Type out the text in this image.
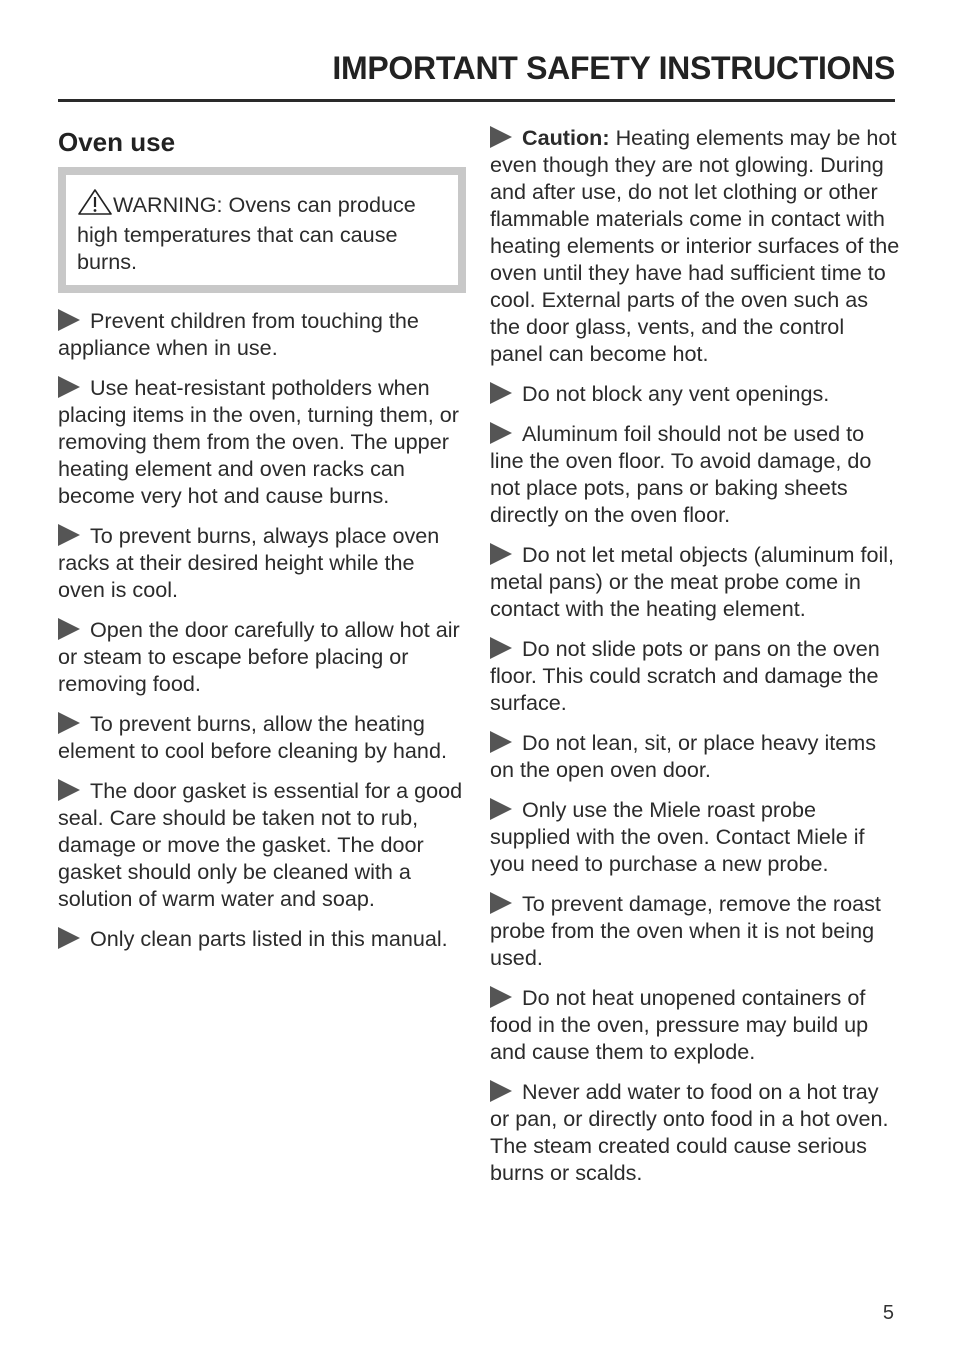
IMPORTANT SAFETY INSTRUCTIONS
Oven use

WARNING: Ovens can produce high temperatures that can cause burns.

Prevent children from touching the appliance when in use.

Use heat-resistant potholders when placing items in the oven, turning them, or removing them from the oven. The upper heating element and oven racks can become very hot and cause burns.

To prevent burns, always place oven racks at their desired height while the oven is cool.

Open the door carefully to allow hot air or steam to escape before placing or removing food.

To prevent burns, allow the heating element to cool before cleaning by hand.

The door gasket is essential for a good seal. Care should be taken not to rub, damage or move the gasket. The door gasket should only be cleaned with a solution of warm water and soap.

Only clean parts listed in this manual.

Caution: Heating elements may be hot even though they are not glowing. During and after use, do not let clothing or other flammable materials come in contact with heating elements or interior surfaces of the oven until they have had sufficient time to cool. External parts of the oven such as the door glass, vents, and the control panel can become hot.

Do not block any vent openings.

Aluminum foil should not be used to line the oven floor. To avoid damage, do not place pots, pans or baking sheets directly on the oven floor.

Do not let metal objects (aluminum foil, metal pans) or the meat probe come in contact with the heating element.

Do not slide pots or pans on the oven floor. This could scratch and damage the surface.

Do not lean, sit, or place heavy items on the open oven door.

Only use the Miele roast probe supplied with the oven. Contact Miele if you need to purchase a new probe.

To prevent damage, remove the roast probe from the oven when it is not being used.

Do not heat unopened containers of food in the oven, pressure may build up and cause them to explode.

Never add water to food on a hot tray or pan, or directly onto food in a hot oven. The steam created could cause serious burns or scalds.

5
